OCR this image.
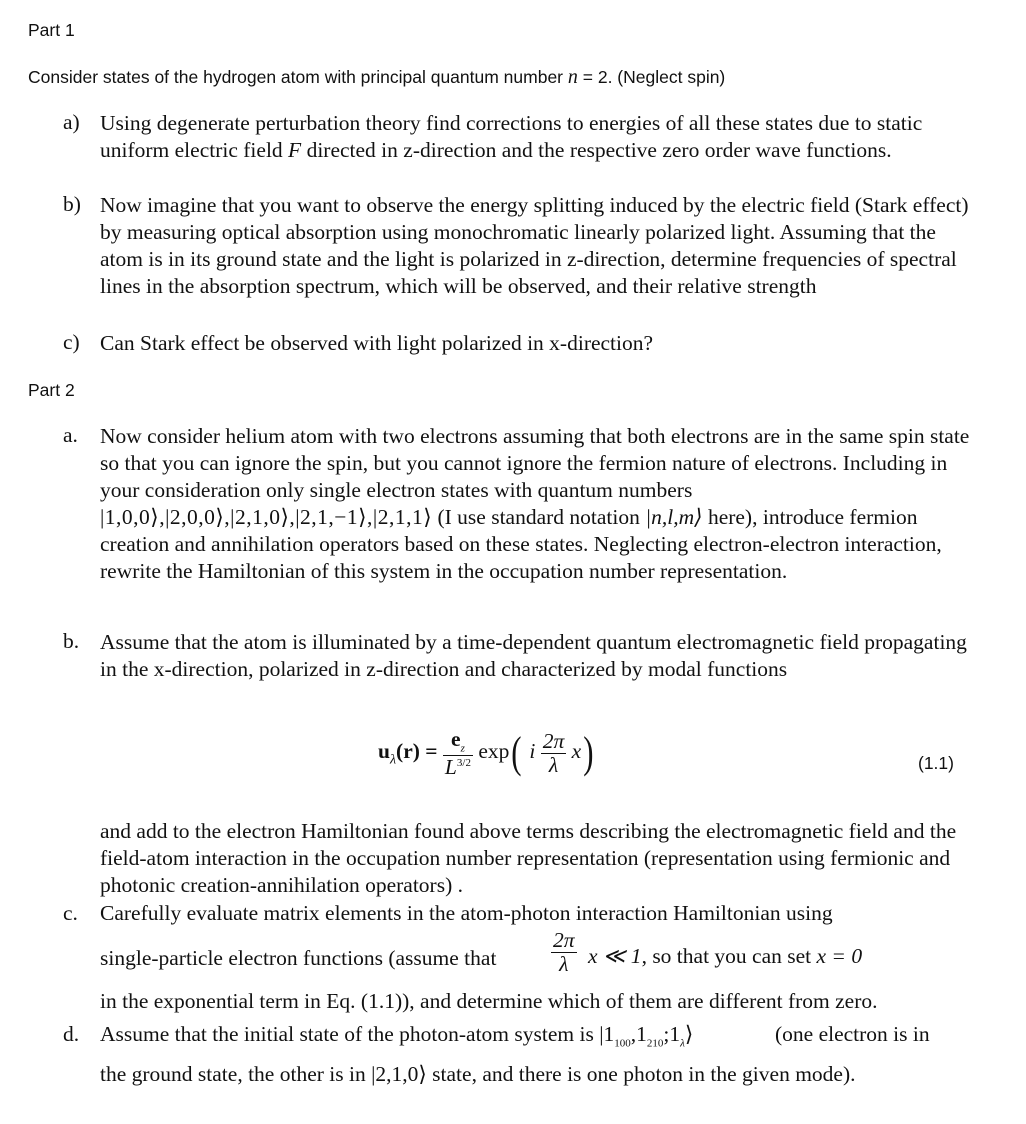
Part 1
Consider states of the hydrogen atom with principal quantum number n = 2. (Neglect spin)
a) Using degenerate perturbation theory find corrections to energies of all these states due to static uniform electric field F directed in z-direction and the respective zero order wave functions.
b) Now imagine that you want to observe the energy splitting induced by the electric field (Stark effect) by measuring optical absorption using monochromatic linearly polarized light. Assuming that the atom is in its ground state and the light is polarized in z-direction, determine frequencies of spectral lines in the absorption spectrum, which will be observed, and their relative strength
c) Can Stark effect be observed with light polarized in x-direction?
Part 2
a.	Now consider helium atom with two electrons assuming that both electrons are in the same spin state so that you can ignore the spin, but you cannot ignore the fermion nature of electrons. Including in your consideration only single electron states with quantum numbers |1,0,0⟩,|2,0,0⟩,|2,1,0⟩,|2,1,−1⟩,|2,1,1⟩ (I use standard notation |n,l,m⟩ here), introduce fermion creation and annihilation operators based on these states. Neglecting electron-electron interaction, rewrite the Hamiltonian of this system in the occupation number representation.
b. Assume that the atom is illuminated by a time-dependent quantum electromagnetic field propagating in the x-direction, polarized in z-direction and characterized by modal functions
$u_\lambda(r) = \frac{e_z}{L^{3/2}} \exp$( i $\frac{2\pi}{\lambda} x$)	(1.1)
and add to the electron Hamiltonian found above terms describing the electromagnetic field and the field-atom interaction in the occupation number representation (representation using fermionic and photonic creation-annihilation operators) .
c.	Carefully evaluate matrix elements in the atom-photon interaction Hamiltonian using
single-particle electron functions (assume that	$\frac{2\pi}{\lambda}$ x ≪ 1, so that you can set x = 0
in the exponential term in Eq. (1.1)), and determine which of them are different from zero.
d. Assume that the initial state of the photon-atom system is $|1_{100},1_{210};1_\lambda⟩$	(one electron is in
the ground state, the other is in |2,1,0⟩ state, and there is one photon in the given mode).
